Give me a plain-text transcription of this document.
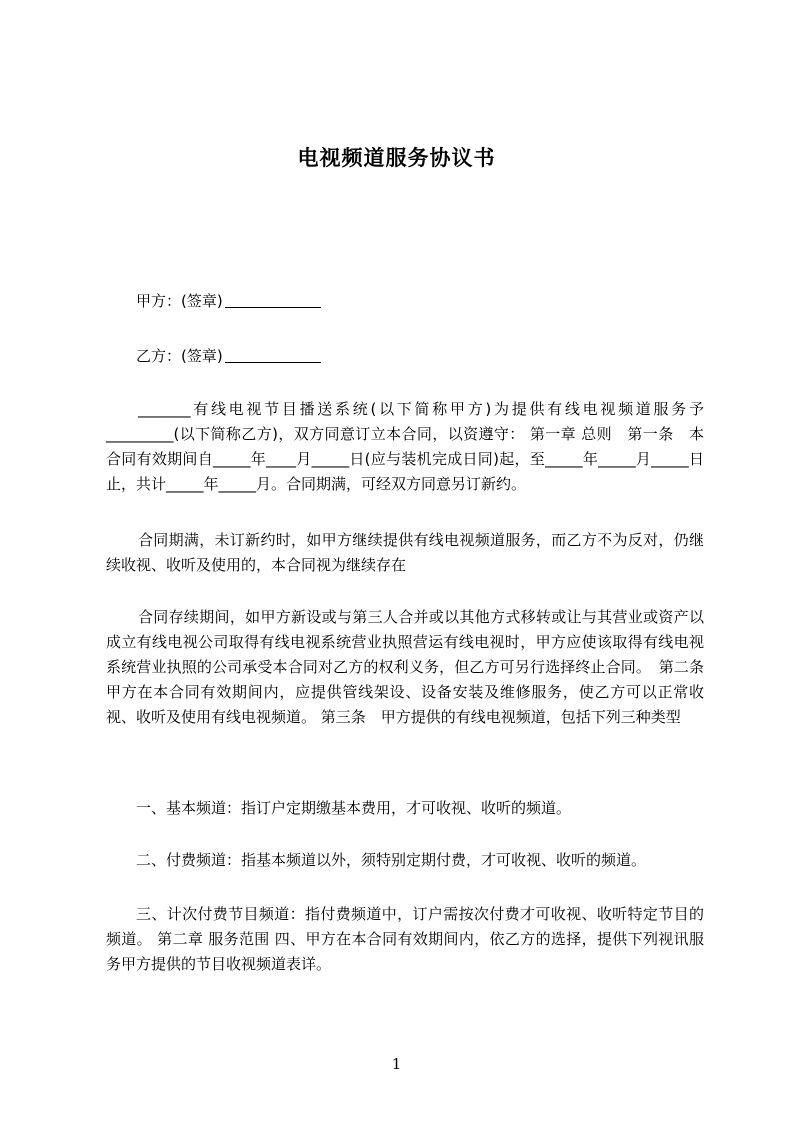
电视频道服务协议书
甲方：(签章)
乙方：(签章)

_______有线电视节目播送系统(以下简称甲方)为提供有线电视频道服务予_________(以下简称乙方)，双方同意订立本合同，以资遵守： 第一章 总则　第一条　本合同有效期间自_____年____月_____日(应与装机完成日同)起，至_____年_____月_____日止，共计_____年_____月。合同期满，可经双方同意另订新约。

合同期满，未订新约时，如甲方继续提供有线电视频道服务，而乙方不为反对，仍继续收视、收听及使用的，本合同视为继续存在

合同存续期间，如甲方新设或与第三人合并或以其他方式移转或让与其营业或资产以成立有线电视公司取得有线电视系统营业执照营运有线电视时，甲方应使该取得有线电视系统营业执照的公司承受本合同对乙方的权利义务，但乙方可另行选择终止合同。　第二条 甲方在本合同有效期间内，应提供管线架设、设备安装及维修服务，使乙方可以正常收视、收听及使用有线电视频道。 第三条　甲方提供的有线电视频道，包括下列三种类型

一、基本频道：指订户定期缴基本费用，才可收视、收听的频道。

二、付费频道：指基本频道以外，须特别定期付费，才可收视、收听的频道。

三、计次付费节目频道：指付费频道中，订户需按次付费才可收视、收听特定节目的频道。 第二章 服务范围 四、甲方在本合同有效期间内，依乙方的选择，提供下列视讯服务甲方提供的节目收视频道表详。

1
